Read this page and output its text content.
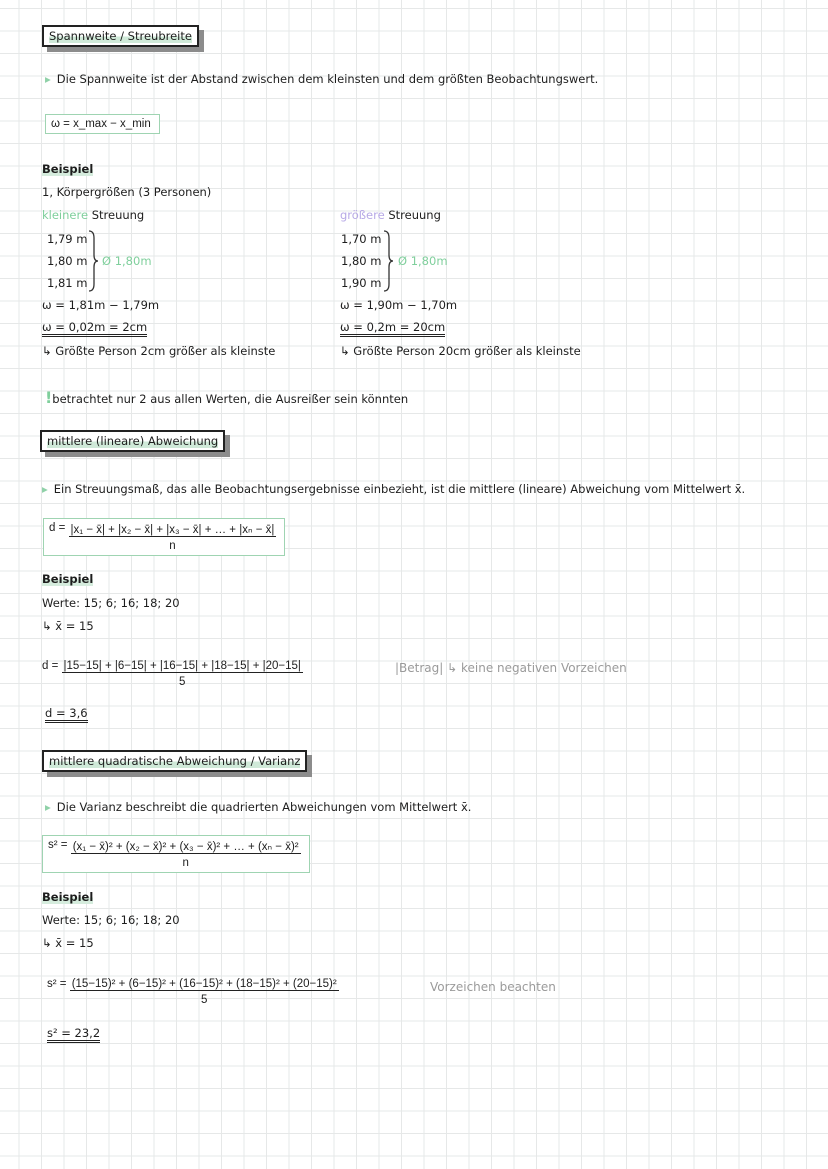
Spannweite / Streubreite
▸ Die Spannweite ist der Abstand zwischen dem kleinsten und dem größten Beobachtungswert.
ω = x_max − x_min
Beispiel
1, Körpergrößen (3 Personen)
kleinere Streuung
1,79 m
1,80 m
1,81 m
Ø 1,80m
ω = 1,81m − 1,79m
ω = 0,02m = 2cm
↳ Größte Person 2cm größer als kleinste
größere Streuung
1,70 m
1,80 m
1,90 m
Ø 1,80m
ω = 1,90m − 1,70m
ω = 0,2m = 20cm
↳ Größte Person 20cm größer als kleinste
!betrachtet nur 2 aus allen Werten, die Ausreißer sein könnten
mittlere (lineare) Abweichung
▸ Ein Streuungsmaß, das alle Beobachtungsergebnisse einbezieht, ist die mittlere (lineare) Abweichung vom Mittelwert x̄.
$d = \frac{\text{|x₁ − x̄| + |x₂ − x̄| + |x₃ − x̄| + … + |xₙ − x̄|}}{n}$
Beispiel
Werte: 15; 6; 16; 18; 20
↳ x̄ = 15
$d = \frac{|15-15| + |6-15| + |16-15| + |18-15| + |20-15|}{5}$	|Betrag| ↳ keine negativen Vorzeichen
d = 3,6
mittlere quadratische Abweichung / Varianz
▸ Die Varianz beschreibt die quadrierten Abweichungen vom Mittelwert x̄.
$s^2 = \frac{\text{(x₁ − x̄)² + (x₂ − x̄)² + (x₃ − x̄)² + … + (xₙ − x̄)²}}{n}$
Beispiel
Werte: 15; 6; 16; 18; 20
↳ x̄ = 15
$s^2 = \frac{\text{(15−15)² + (6−15)² + (16−15)² + (18−15)² + (20−15)²}}{5}$	Vorzeichen beachten
s² = 23,2
